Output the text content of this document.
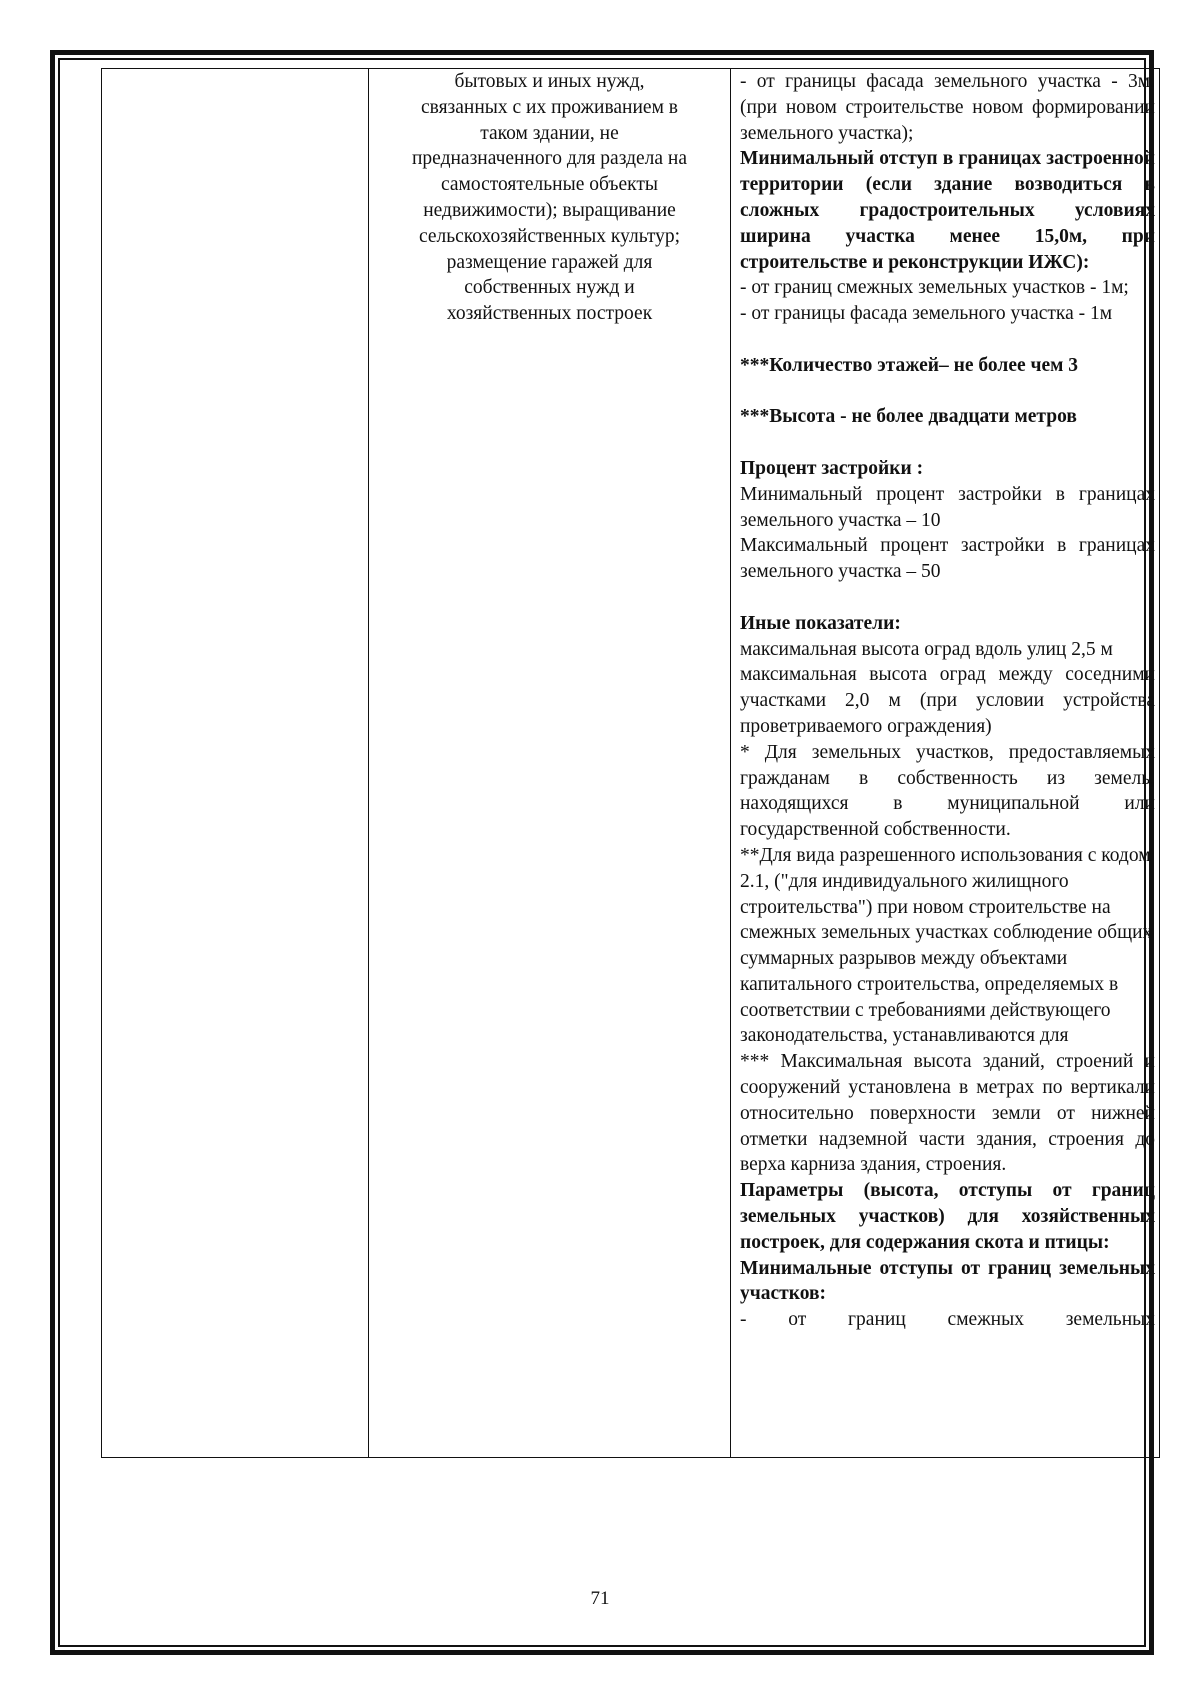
бытовых и иных нужд,
связанных с их проживанием в
таком здании, не
предназначенного для раздела на
самостоятельные объекты
недвижимости); выращивание
сельскохозяйственных культур;
размещение гаражей для
собственных нужд и
хозяйственных построек

- от границы фасада земельного участка - 3м. (при новом строительстве новом формировании земельного участка);

Минимальный отступ в границах застроенной территории (если здание возводиться в сложных градостроительных условиях ширина участка менее 15,0м, при строительстве и реконструкции ИЖС):

- от границ смежных земельных участков - 1м;

- от границы фасада земельного участка - 1м

***Количество этажей– не более чем 3

***Высота - не более двадцати метров

Процент застройки :

Минимальный процент застройки в границах земельного участка – 10

Максимальный процент застройки в границах земельного участка – 50

Иные показатели:

максимальная высота оград вдоль улиц 2,5 м

максимальная высота оград между соседними участками 2,0 м (при условии устройства проветриваемого ограждения)

* Для земельных участков, предоставляемых гражданам в собственность из земель, находящихся в муниципальной или государственной собственности.

**Для вида разрешенного использования с кодом 2.1, ("для индивидуального жилищного строительства") при новом строительстве на смежных земельных участках соблюдение общих суммарных разрывов между объектами капитального строительства, определяемых в соответствии с требованиями действующего законодательства, устанавливаются для

*** Максимальная высота зданий, строений и сооружений установлена в метрах по вертикали относительно поверхности земли от нижней отметки надземной части здания, строения до верха карниза здания, строения.

Параметры (высота, отступы от границ земельных участков) для хозяйственных построек, для содержания скота и птицы:

Минимальные отступы от границ земельных участков:

- от границ смежных земельных

71
